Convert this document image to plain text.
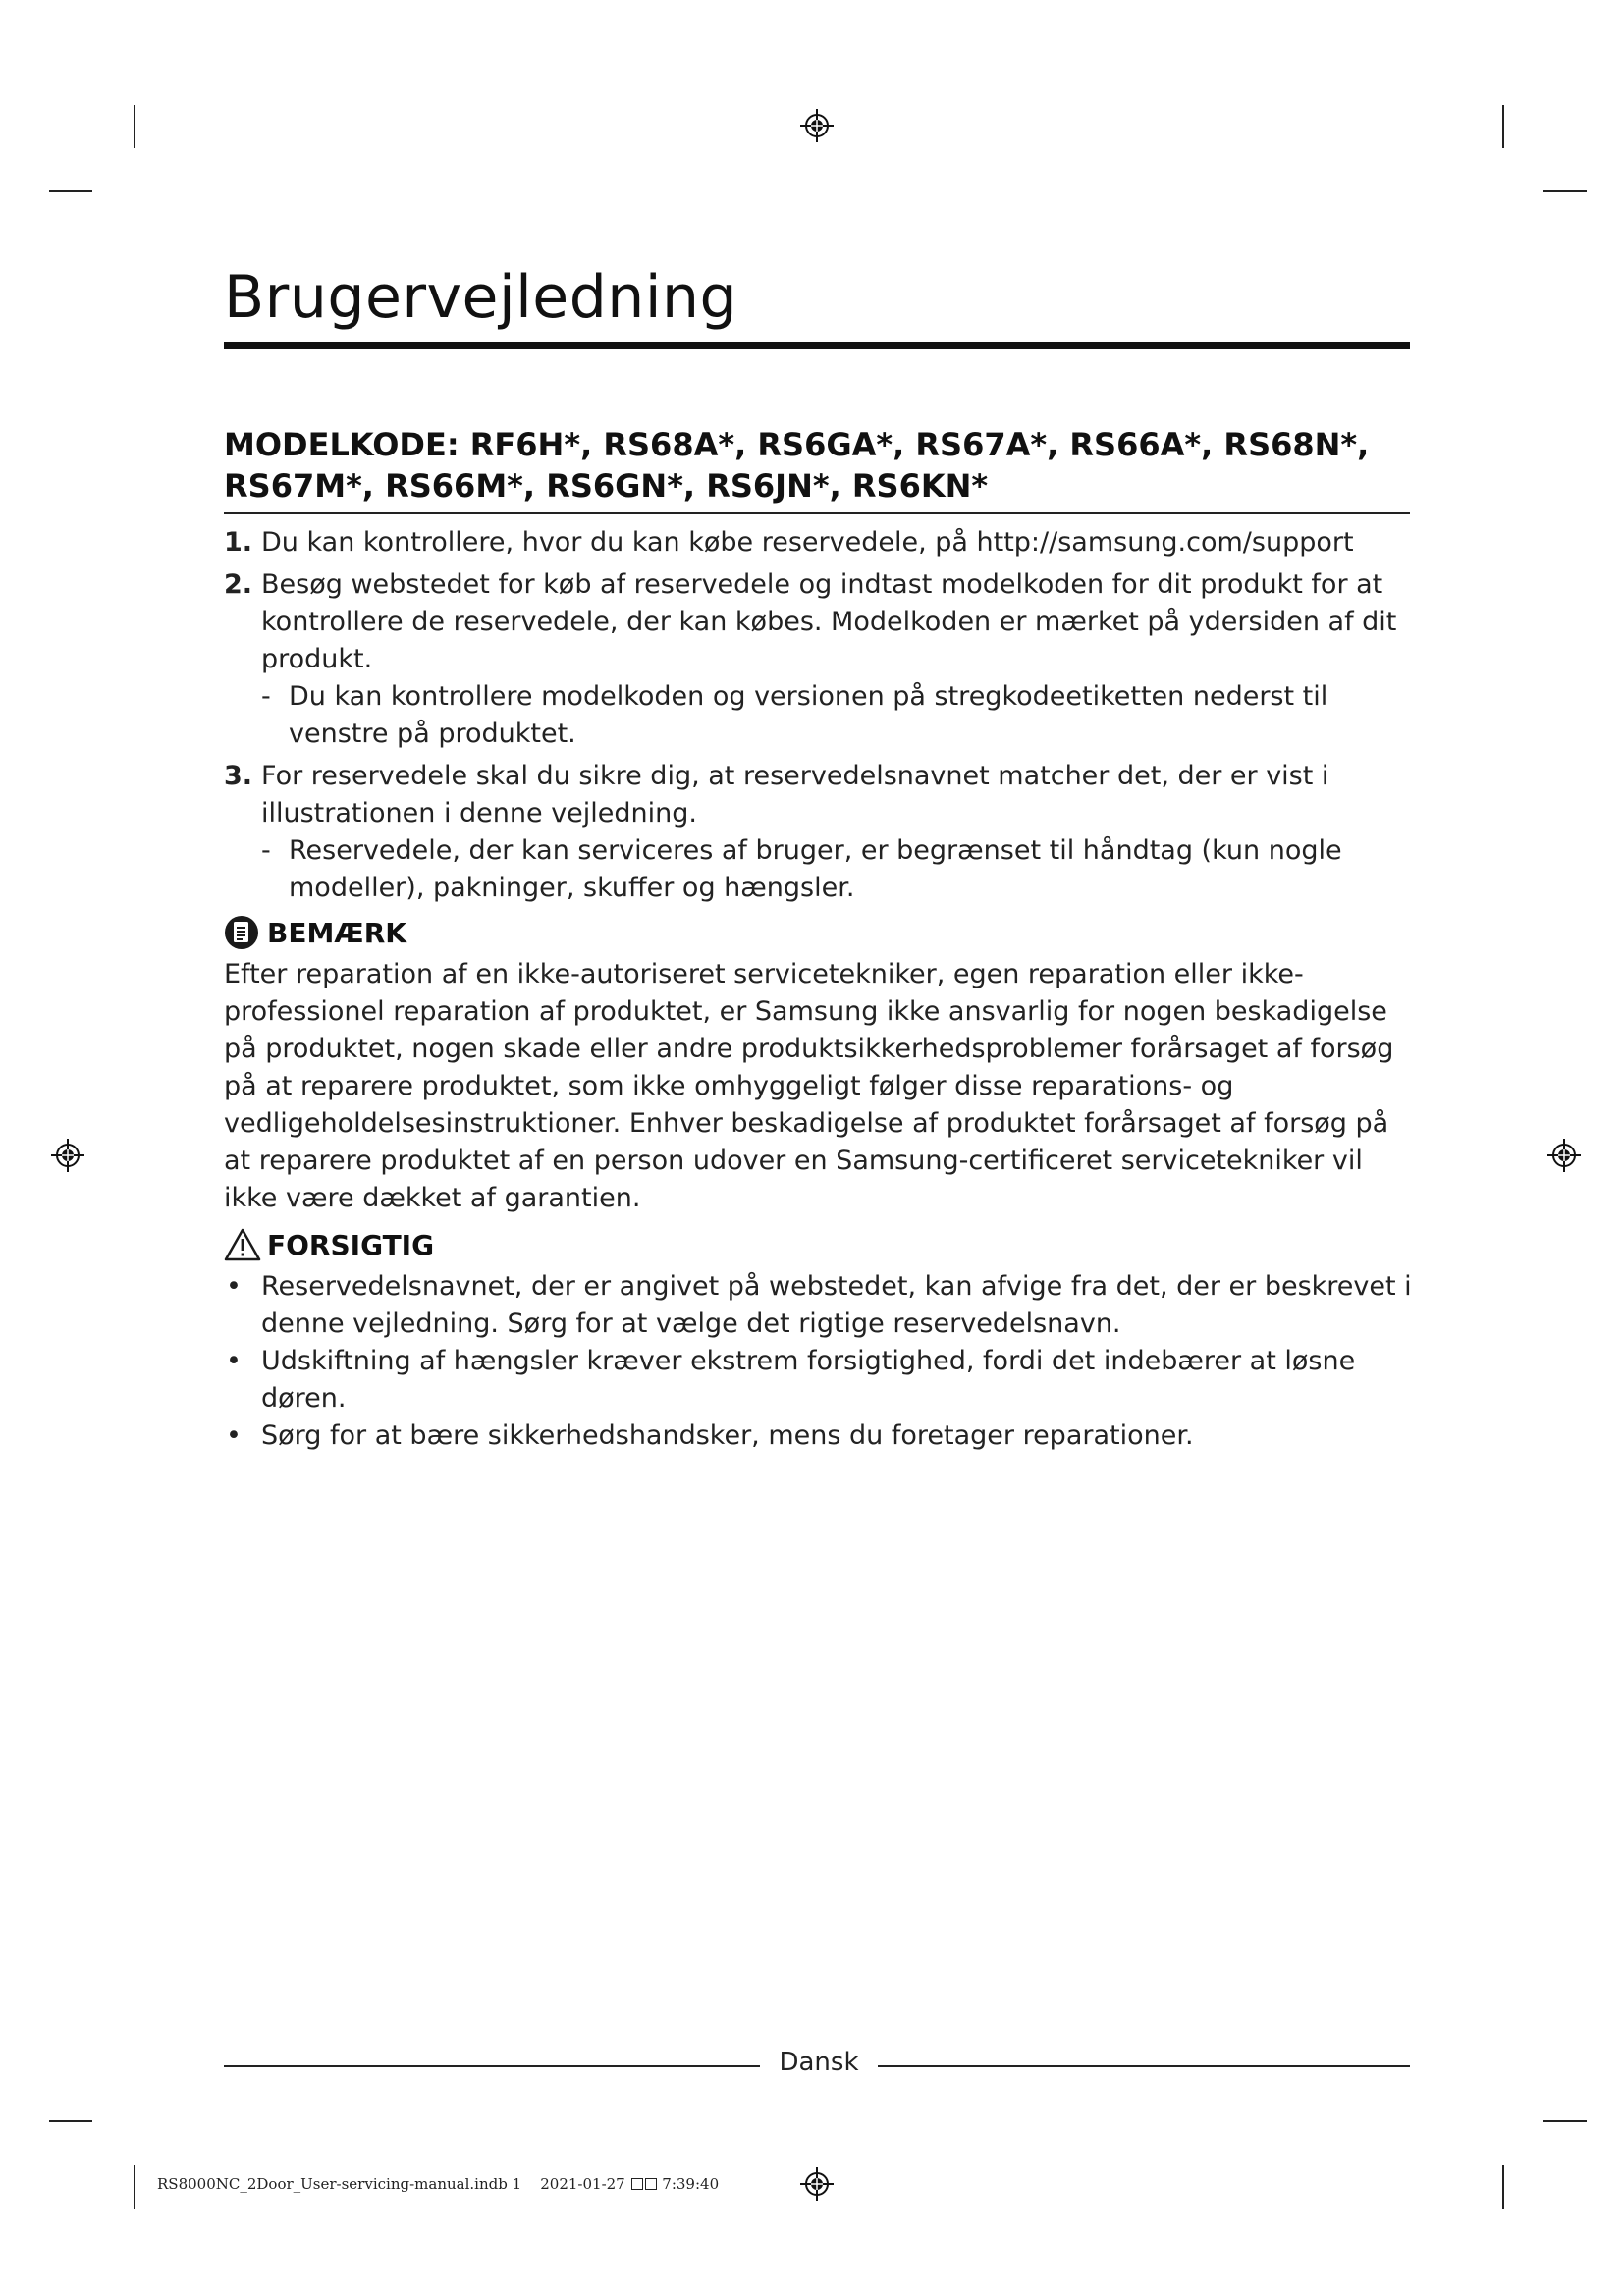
Brugervejledning
MODELKODE: RF6H*, RS68A*, RS6GA*, RS67A*, RS66A*, RS68N*, RS67M*, RS66M*, RS6GN*, RS6JN*, RS6KN*
1. Du kan kontrollere, hvor du kan købe reservedele, på http://samsung.com/support
2. Besøg webstedet for køb af reservedele og indtast modelkoden for dit produkt for at kontrollere de reservedele, der kan købes. Modelkoden er mærket på ydersiden af dit produkt.
- Du kan kontrollere modelkoden og versionen på stregkodeetiketten nederst til venstre på produktet.
3. For reservedele skal du sikre dig, at reservedelsnavnet matcher det, der er vist i illustrationen i denne vejledning.
- Reservedele, der kan serviceres af bruger, er begrænset til håndtag (kun nogle modeller), pakninger, skuffer og hængsler.
BEMÆRK

Efter reparation af en ikke-autoriseret servicetekniker, egen reparation eller ikke-professionel reparation af produktet, er Samsung ikke ansvarlig for nogen beskadigelse på produktet, nogen skade eller andre produktsikkerhedsproblemer forårsaget af forsøg på at reparere produktet, som ikke omhyggeligt følger disse reparations- og vedligeholdelsesinstruktioner. Enhver beskadigelse af produktet forårsaget af forsøg på at reparere produktet af en person udover en Samsung-certificeret servicetekniker vil ikke være dækket af garantien.

FORSIGTIG
• Reservedelsnavnet, der er angivet på webstedet, kan afvige fra det, der er beskrevet i denne vejledning. Sørg for at vælge det rigtige reservedelsnavn.
• Udskiftning af hængsler kræver ekstrem forsigtighed, fordi det indebærer at løsne døren.
• Sørg for at bære sikkerhedshandsker, mens du foretager reparationer.
Dansk
RS8000NC_2Door_User-servicing-manual.indb 1 2021-01-27	7:39:40
